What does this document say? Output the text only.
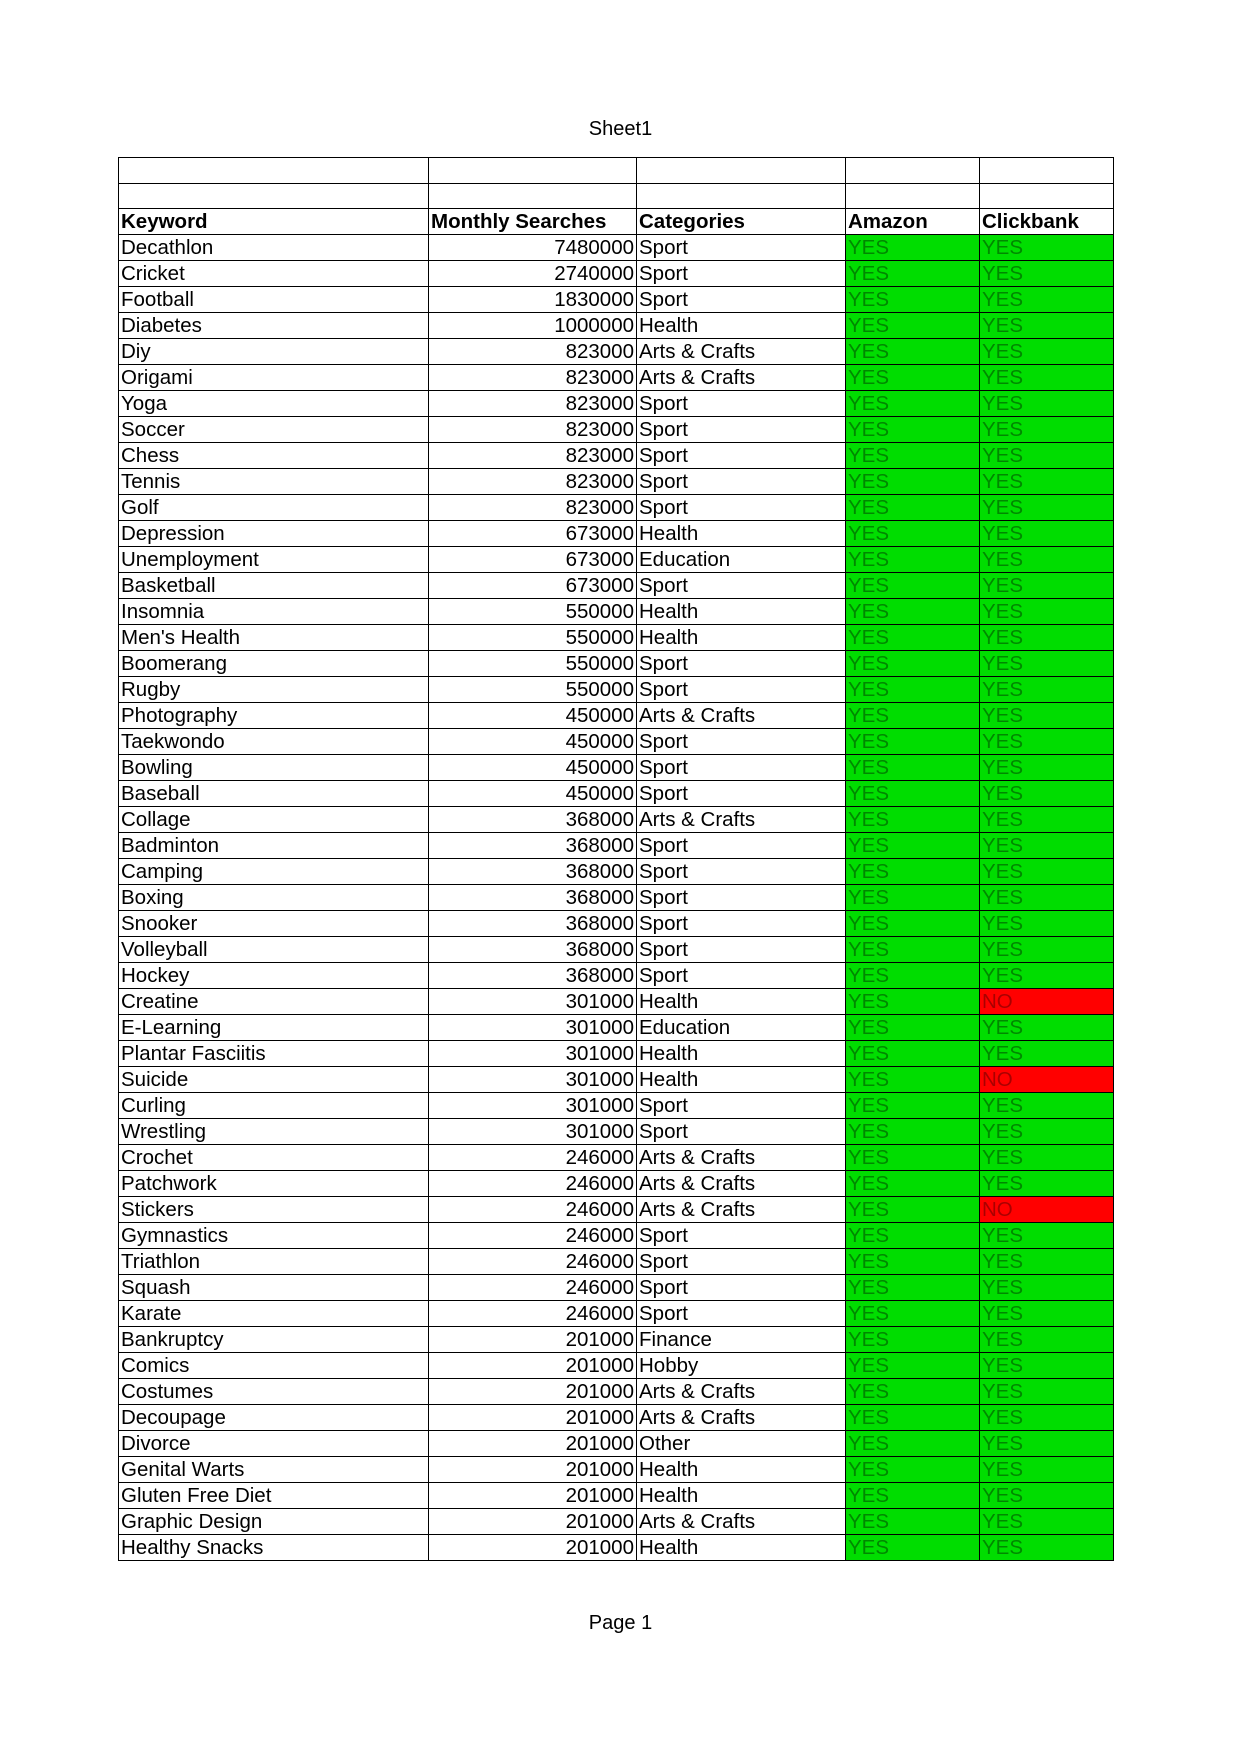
Sheet1

Keyword	Monthly Searches	Categories	Amazon	Clickbank
Decathlon	7480000	Sport	YES	YES
Cricket	2740000	Sport	YES	YES
Football	1830000	Sport	YES	YES
Diabetes	1000000	Health	YES	YES
Diy	823000	Arts & Crafts	YES	YES
Origami	823000	Arts & Crafts	YES	YES
Yoga	823000	Sport	YES	YES
Soccer	823000	Sport	YES	YES
Chess	823000	Sport	YES	YES
Tennis	823000	Sport	YES	YES
Golf	823000	Sport	YES	YES
Depression	673000	Health	YES	YES
Unemployment	673000	Education	YES	YES
Basketball	673000	Sport	YES	YES
Insomnia	550000	Health	YES	YES
Men's Health	550000	Health	YES	YES
Boomerang	550000	Sport	YES	YES
Rugby	550000	Sport	YES	YES
Photography	450000	Arts & Crafts	YES	YES
Taekwondo	450000	Sport	YES	YES
Bowling	450000	Sport	YES	YES
Baseball	450000	Sport	YES	YES
Collage	368000	Arts & Crafts	YES	YES
Badminton	368000	Sport	YES	YES
Camping	368000	Sport	YES	YES
Boxing	368000	Sport	YES	YES
Snooker	368000	Sport	YES	YES
Volleyball	368000	Sport	YES	YES
Hockey	368000	Sport	YES	YES
Creatine	301000	Health	YES	NO
E-Learning	301000	Education	YES	YES
Plantar Fasciitis	301000	Health	YES	YES
Suicide	301000	Health	YES	NO
Curling	301000	Sport	YES	YES
Wrestling	301000	Sport	YES	YES
Crochet	246000	Arts & Crafts	YES	YES
Patchwork	246000	Arts & Crafts	YES	YES
Stickers	246000	Arts & Crafts	YES	NO
Gymnastics	246000	Sport	YES	YES
Triathlon	246000	Sport	YES	YES
Squash	246000	Sport	YES	YES
Karate	246000	Sport	YES	YES
Bankruptcy	201000	Finance	YES	YES
Comics	201000	Hobby	YES	YES
Costumes	201000	Arts & Crafts	YES	YES
Decoupage	201000	Arts & Crafts	YES	YES
Divorce	201000	Other	YES	YES
Genital Warts	201000	Health	YES	YES
Gluten Free Diet	201000	Health	YES	YES
Graphic Design	201000	Arts & Crafts	YES	YES
Healthy Snacks	201000	Health	YES	YES
Page 1
